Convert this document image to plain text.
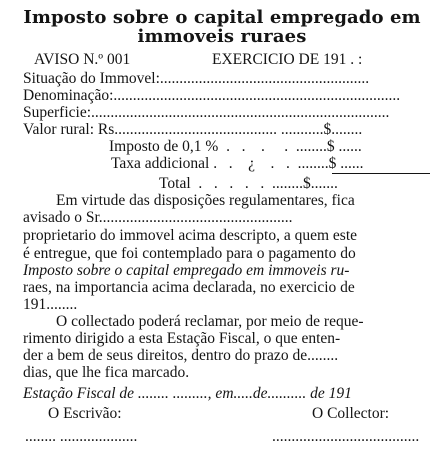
Imposto sobre o capital empregado em
immoveis ruraes
AVISO N.º 001	EXERCICIO DE 191 . :
Situação do Immovel:......................................................
Denominação:..........................................................................
Superficie:.............................................................................
Valor rural: Rs.......................................... ...........$........
Imposto de 0,1 %  .   .    .     .  ........$ ......
Taxa addicional .   .    ¿    .   .  ........$ ......
Total  .   .   .   .   .  ........$.......
Em virtude das disposições regulamentares, fica
avisado o Sr..................................................
proprietario do immovel acima descripto, a quem este
é entregue, que foi contemplado para o pagamento do
Imposto sobre o capital empregado em immoveis ru-
raes, na importancia acima declarada, no exercicio de
191........
O collectado poderá reclamar, por meio de reque-
rimento dirigido a esta Estação Fiscal, o que enten-
der a bem de seus direitos, dentro do prazo de........
dias, que lhe fica marcado.
Estação Fiscal de ........ ........., em.....de.......... de 191
O Escrivão:	O Collector:
........ ....................	......................................
